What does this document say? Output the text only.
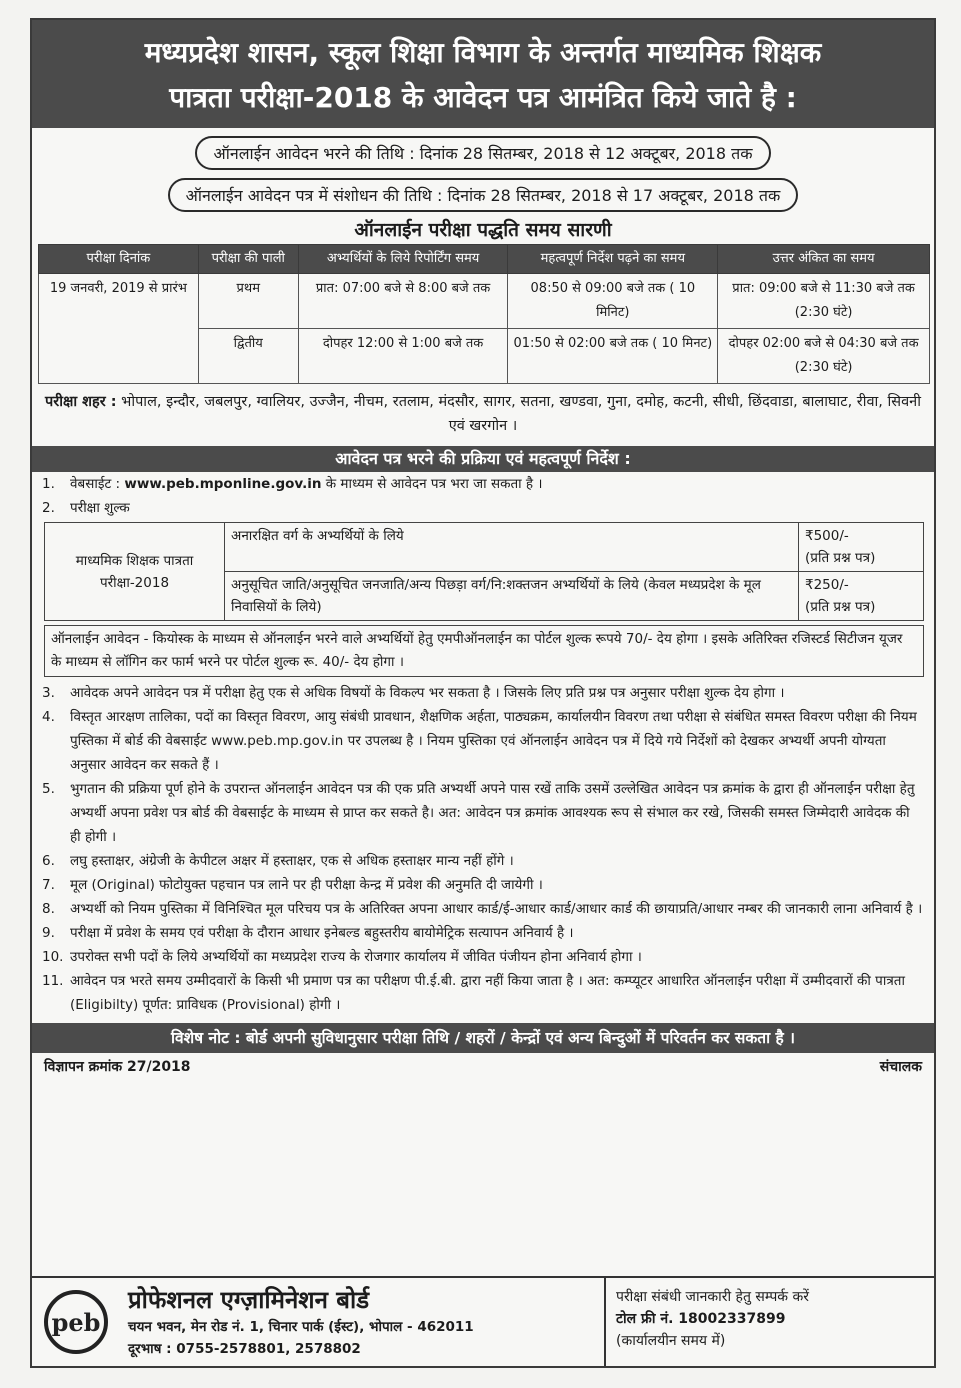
मध्यप्रदेश शासन, स्कूल शिक्षा विभाग के अन्तर्गत माध्यमिक शिक्षक
पात्रता परीक्षा-2018 के आवेदन पत्र आमंत्रित किये जाते है :
ऑनलाईन आवेदन भरने की तिथि : दिनांक 28 सितम्बर, 2018 से 12 अक्टूबर, 2018 तक
ऑनलाईन आवेदन पत्र में संशोधन की तिथि : दिनांक 28 सितम्बर, 2018 से 17 अक्टूबर, 2018 तक
ऑनलाईन परीक्षा पद्धति समय सारणी
परीक्षा दिनांक	परीक्षा की पाली	अभ्यर्थियों के लिये रिपोर्टिंग समय	महत्वपूर्ण निर्देश पढ़ने का समय	उत्तर अंकित का समय
19 जनवरी, 2019 से प्रारंभ	प्रथम	प्रात: 07:00 बजे से 8:00 बजे तक	08:50 से 09:00 बजे तक ( 10 मिनिट)	प्रात: 09:00 बजे से 11:30 बजे तक (2:30 घंटे)
	द्वितीय	दोपहर 12:00 से 1:00 बजे तक	01:50 से 02:00 बजे तक ( 10 मिनट)	दोपहर 02:00 बजे से 04:30 बजे तक (2:30 घंटे)
परीक्षा शहर : भोपाल, इन्दौर, जबलपुर, ग्वालियर, उज्जैन, नीचम, रतलाम, मंदसौर, सागर, सतना, खण्डवा, गुना, दमोह, कटनी, सीधी, छिंदवाडा, बालाघाट, रीवा, सिवनी एवं खरगोन ।
आवेदन पत्र भरने की प्रक्रिया एवं महत्वपूर्ण निर्देश :
1.	वेबसाईट : www.peb.mponline.gov.in के माध्यम से आवेदन पत्र भरा जा सकता है ।
2.	परीक्षा शुल्क
माध्यमिक शिक्षक पात्रता परीक्षा-2018	अनारक्षित वर्ग के अभ्यर्थियों के लिये	₹500/-
(प्रति प्रश्न पत्र)

	अनुसूचित जाति/अनुसूचित जनजाति/अन्य पिछड़ा वर्ग/नि:शक्तजन अभ्यर्थियों के लिये (केवल मध्यप्रदेश के मूल निवासियों के लिये)	₹250/-
(प्रति प्रश्न पत्र)
ऑनलाईन आवेदन - कियोस्क के माध्यम से ऑनलाईन भरने वाले अभ्यर्थियों हेतु एमपीऑनलाईन का पोर्टल शुल्क रूपये 70/- देय होगा । इसके अतिरिक्त रजिस्टर्ड सिटीजन यूजर के माध्यम से लॉगिन कर फार्म भरने पर पोर्टल शुल्क रू. 40/- देय होगा ।
3.	आवेदक अपने आवेदन पत्र में परीक्षा हेतु एक से अधिक विषयों के विकल्प भर सकता है । जिसके लिए प्रति प्रश्न पत्र अनुसार परीक्षा शुल्क देय होगा ।
4.	विस्तृत आरक्षण तालिका, पदों का विस्तृत विवरण, आयु संबंधी प्रावधान, शैक्षणिक अर्हता, पाठ्यक्रम, कार्यालयीन विवरण तथा परीक्षा से संबंधित समस्त विवरण परीक्षा की नियम पुस्तिका में बोर्ड की वेबसाईट www.peb.mp.gov.in पर उपलब्ध है । नियम पुस्तिका एवं ऑनलाईन आवेदन पत्र में दिये गये निर्देशों को देखकर अभ्यर्थी अपनी योग्यता अनुसार आवेदन कर सकते हैं ।
5.	भुगतान की प्रक्रिया पूर्ण होने के उपरान्त ऑनलाईन आवेदन पत्र की एक प्रति अभ्यर्थी अपने पास रखें ताकि उसमें उल्लेखित आवेदन पत्र क्रमांक के द्वारा ही ऑनलाईन परीक्षा हेतु अभ्यर्थी अपना प्रवेश पत्र बोर्ड की वेबसाईट के माध्यम से प्राप्त कर सकते है। अत: आवेदन पत्र क्रमांक आवश्यक रूप से संभाल कर रखे, जिसकी समस्त जिम्मेदारी आवेदक की ही होगी ।
6.	लघु हस्ताक्षर, अंग्रेजी के केपीटल अक्षर में हस्ताक्षर, एक से अधिक हस्ताक्षर मान्य नहीं होंगे ।
7.	मूल (Original) फोटोयुक्त पहचान पत्र लाने पर ही परीक्षा केन्द्र में प्रवेश की अनुमति दी जायेगी ।
8.	अभ्यर्थी को नियम पुस्तिका में विनिश्चित मूल परिचय पत्र के अतिरिक्त अपना आधार कार्ड/ई-आधार कार्ड/आधार कार्ड की छायाप्रति/आधार नम्बर की जानकारी लाना अनिवार्य है ।
9.	परीक्षा में प्रवेश के समय एवं परीक्षा के दौरान आधार इनेबल्ड बहुस्तरीय बायोमेट्रिक सत्यापन अनिवार्य है ।
10. उपरोक्त सभी पदों के लिये अभ्यर्थियों का मध्यप्रदेश राज्य के रोजगार कार्यालय में जीवित पंजीयन होना अनिवार्य होगा ।
11. आवेदन पत्र भरते समय उम्मीदवारों के किसी भी प्रमाण पत्र का परीक्षण पी.ई.बी. द्वारा नहीं किया जाता है । अत: कम्प्यूटर आधारित ऑनलाईन परीक्षा में उम्मीदवारों की पात्रता (Eligibilty) पूर्णत: प्राविधक (Provisional) होगी ।
विशेष नोट : बोर्ड अपनी सुविधानुसार परीक्षा तिथि / शहरों / केन्द्रों एवं अन्य बिन्दुओं में परिवर्तन कर सकता है ।
विज्ञापन क्रमांक 27/2018	संचालक
peb
प्रोफेशनल एग्ज़ामिनेशन बोर्ड
चयन भवन, मेन रोड नं. 1, चिनार पार्क (ईस्ट), भोपाल - 462011
दूरभाष : 0755-2578801, 2578802
परीक्षा संबंधी जानकारी हेतु सम्पर्क करें
टोल फ्री नं. 18002337899
(कार्यालयीन समय में)
